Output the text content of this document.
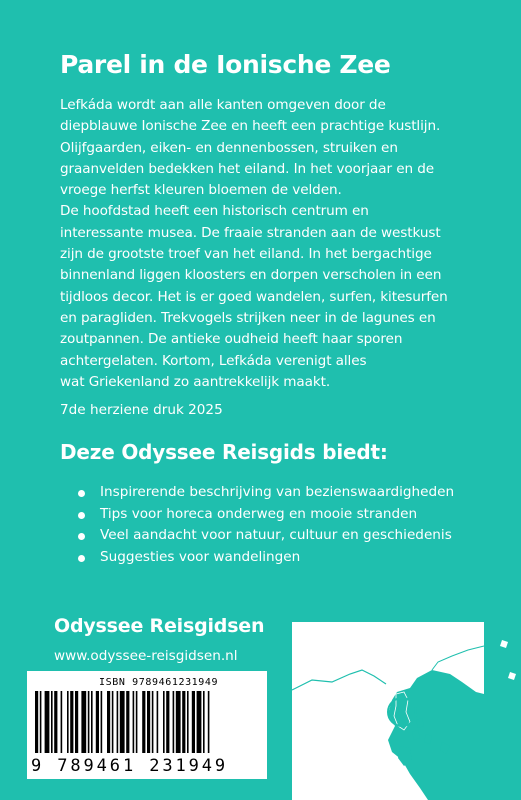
Parel in de Ionische Zee
Lefkáda wordt aan alle kanten omgeven door de
diepblauwe Ionische Zee en heeft een prachtige kustlijn.
Olijfgaarden, eiken- en dennenbossen, struiken en
graanvelden bedekken het eiland. In het voorjaar en de
vroege herfst kleuren bloemen de velden.
De hoofdstad heeft een historisch centrum en
interessante musea. De fraaie stranden aan de westkust
zijn de grootste troef van het eiland. In het bergachtige
binnenland liggen kloosters en dorpen verscholen in een
tijdloos decor. Het is er goed wandelen, surfen, kitesurfen
en paragliden. Trekvogels strijken neer in de lagunes en
zoutpannen. De antieke oudheid heeft haar sporen
achtergelaten. Kortom, Lefkáda verenigt alles
wat Griekenland zo aantrekkelijk maakt.
7de herziene druk 2025
Deze Odyssee Reisgids biedt:
Inspirerende beschrijving van bezienswaardigheden
Tips voor horeca onderweg en mooie stranden
Veel aandacht voor natuur, cultuur en geschiedenis
Suggesties voor wandelingen
Odyssee Reisgidsen
www.odyssee-reisgidsen.nl
ISBN 9789461231949
9 789461 231949
Lefkáda
